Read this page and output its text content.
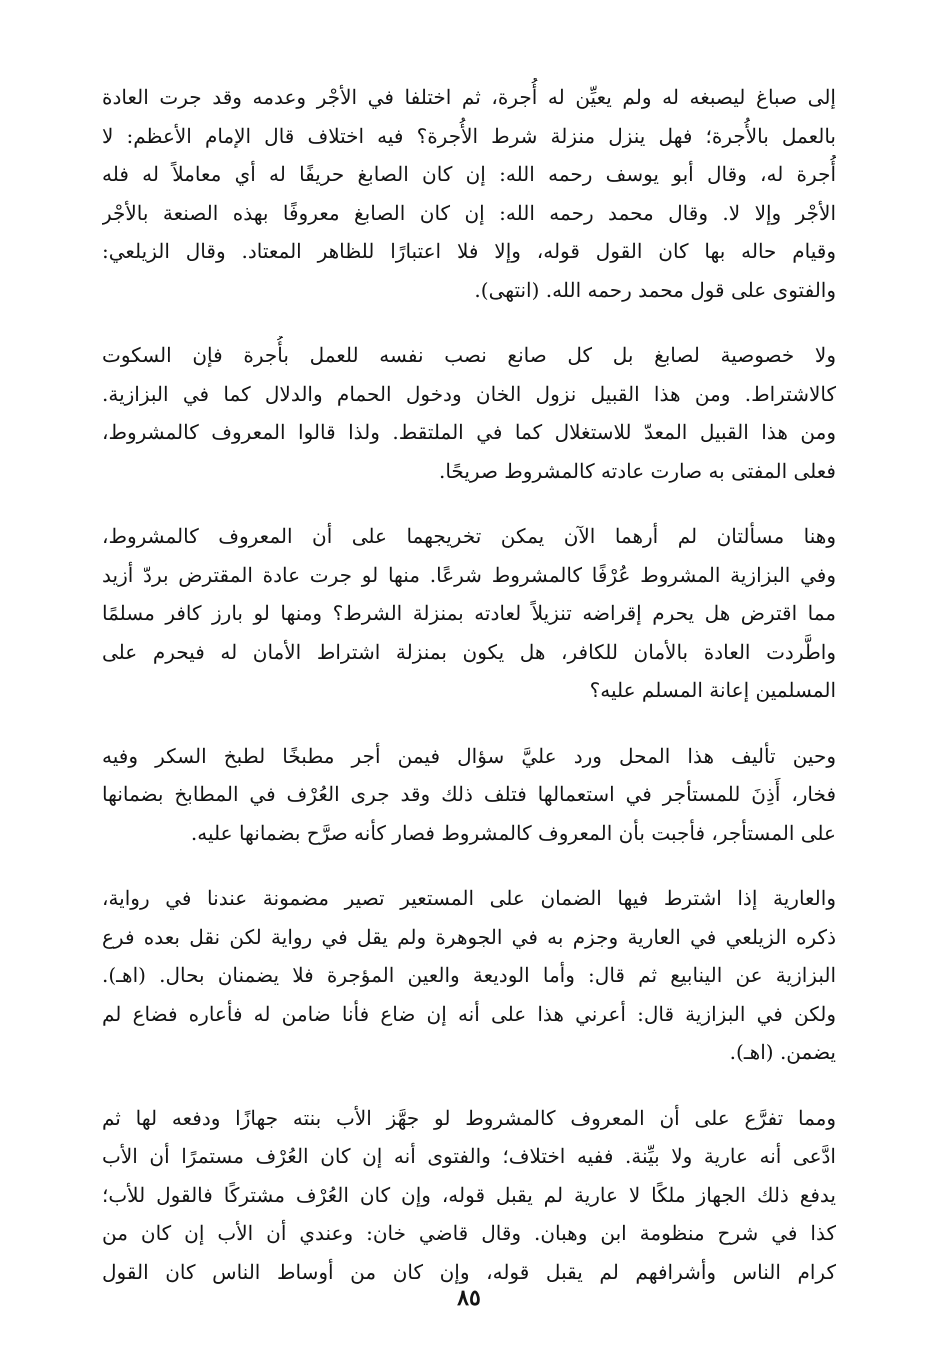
إلى صباغ ليصبغه له ولم يعيِّن له أُجرة، ثم اختلفا في الأجْر وعدمه وقد جرت العادة
بالعمل بالأُجرة؛ فهل ينزل منزلة شرط الأُجرة؟ فيه اختلاف قال الإمام الأعظم: لا
أُجرة له، وقال أبو يوسف رحمه الله: إن كان الصابغ حريفًا له أي معاملاً له فله
الأجْر وإلا لا. وقال محمد رحمه الله: إن كان الصابغ معروفًا بهذه الصنعة بالأجْر
وقيام حاله بها كان القول قوله، وإلا فلا اعتبارًا للظاهر المعتاد. وقال الزيلعي:
والفتوى على قول محمد رحمه الله. (انتهى).
ولا خصوصية لصابغ بل كل صانع نصب نفسه للعمل بأُجرة فإن السكوت
كالاشتراط. ومن هذا القبيل نزول الخان ودخول الحمام والدلال كما في البزازية.
ومن هذا القبيل المعدّ للاستغلال كما في الملتقط. ولذا قالوا المعروف كالمشروط،
فعلى المفتى به صارت عادته كالمشروط صريحًا.
وهنا مسألتان لم أرهما الآن يمكن تخريجهما على أن المعروف كالمشروط،
وفي البزازية المشروط عُرْفًا كالمشروط شرعًا. منها لو جرت عادة المقترض بردّ أزيد
مما اقترض هل يحرم إقراضه تنزيلاً لعادته بمنزلة الشرط؟ ومنها لو بارز كافر مسلمًا
واطَّردت العادة بالأمان للكافر، هل يكون بمنزلة اشتراط الأمان له فيحرم على
المسلمين إعانة المسلم عليه؟
وحين تأليف هذا المحل ورد عليَّ سؤال فيمن أجر مطبخًا لطبخ السكر وفيه
فخار، أَذِنَ للمستأجر في استعمالها فتلف ذلك وقد جرى العُرْف في المطابخ بضمانها
على المستأجر، فأجبت بأن المعروف كالمشروط فصار كأنه صرَّح بضمانها عليه.
والعارية إذا اشترط فيها الضمان على المستعير تصير مضمونة عندنا في رواية،
ذكره الزيلعي في العارية وجزم به في الجوهرة ولم يقل في رواية لكن نقل بعده فرع
البزازية عن الينابيع ثم قال: وأما الوديعة والعين المؤجرة فلا يضمنان بحال. (اهـ).
ولكن في البزازية قال: أعرني هذا على أنه إن ضاع فأنا ضامن له فأعاره فضاع لم
يضمن. (اهـ).
ومما تفرَّع على أن المعروف كالمشروط لو جهَّز الأب بنته جهازًا ودفعه لها ثم
ادَّعى أنه عارية ولا بيِّنة. ففيه اختلاف؛ والفتوى أنه إن كان العُرْف مستمرًا أن الأب
يدفع ذلك الجهاز ملكًا لا عارية لم يقبل قوله، وإن كان العُرْف مشتركًا فالقول للأب؛
كذا في شرح منظومة ابن وهبان. وقال قاضي خان: وعندي أن الأب إن كان من
كرام الناس وأشرافهم لم يقبل قوله، وإن كان من أوساط الناس كان القول
٨٥
